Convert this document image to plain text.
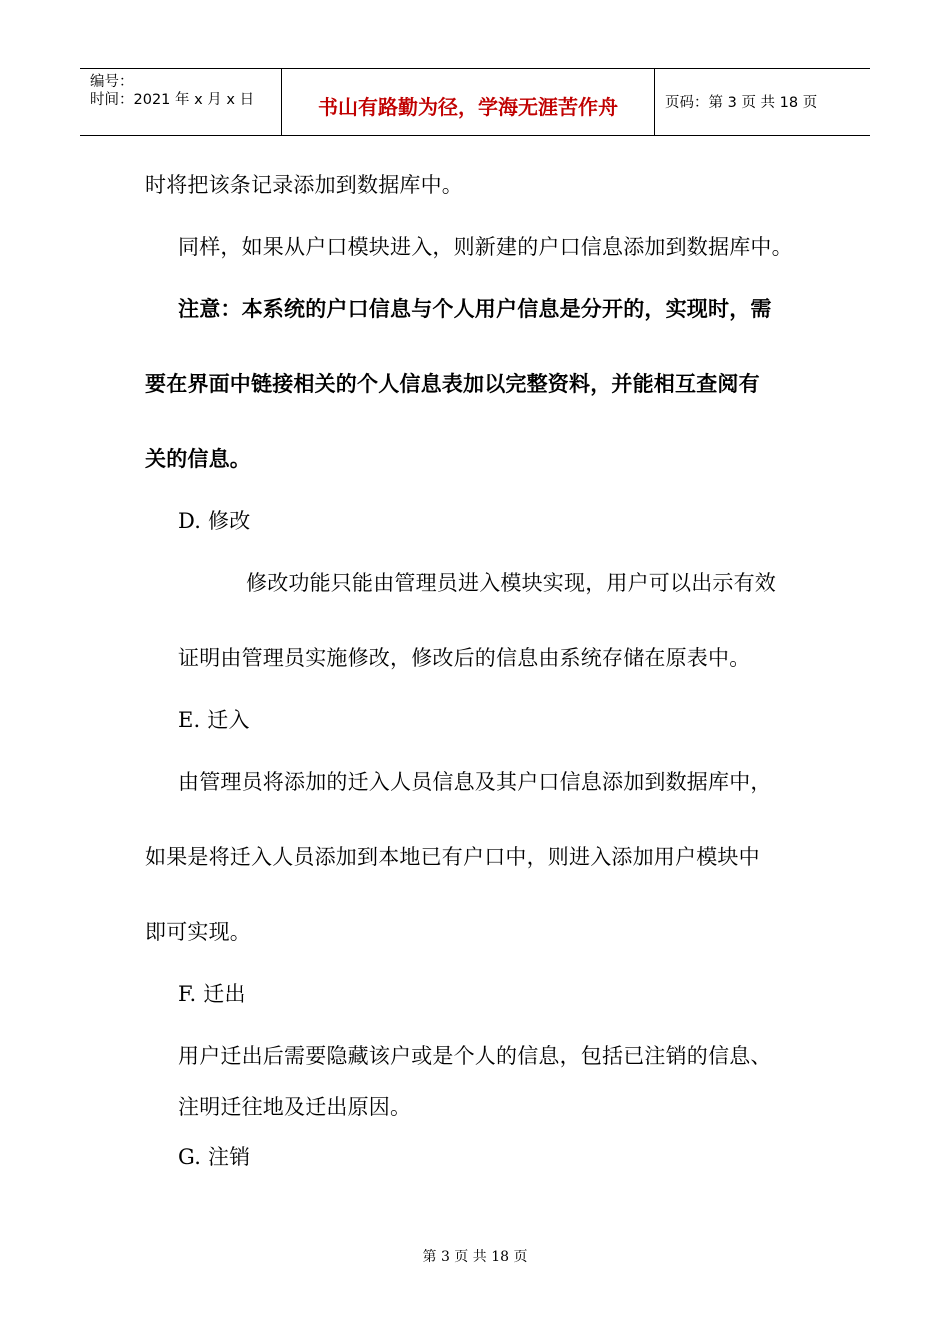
编号：
时间：2021 年 x 月 x 日	书山有路勤为径，学海无涯苦作舟	页码：第 3 页 共 18 页
时将把该条记录添加到数据库中。
同样，如果从户口模块进入，则新建的户口信息添加到数据库中。
注意：本系统的户口信息与个人用户信息是分开的，实现时，需
要在界面中链接相关的个人信息表加以完整资料，并能相互查阅有
关的信息。
D. 修改
修改功能只能由管理员进入模块实现，用户可以出示有效
证明由管理员实施修改，修改后的信息由系统存储在原表中。
E. 迁入
由管理员将添加的迁入人员信息及其户口信息添加到数据库中，
如果是将迁入人员添加到本地已有户口中，则进入添加用户模块中
即可实现。
F. 迁出
用户迁出后需要隐藏该户或是个人的信息，包括已注销的信息、
注明迁往地及迁出原因。
G. 注销
第 3 页 共 18 页
